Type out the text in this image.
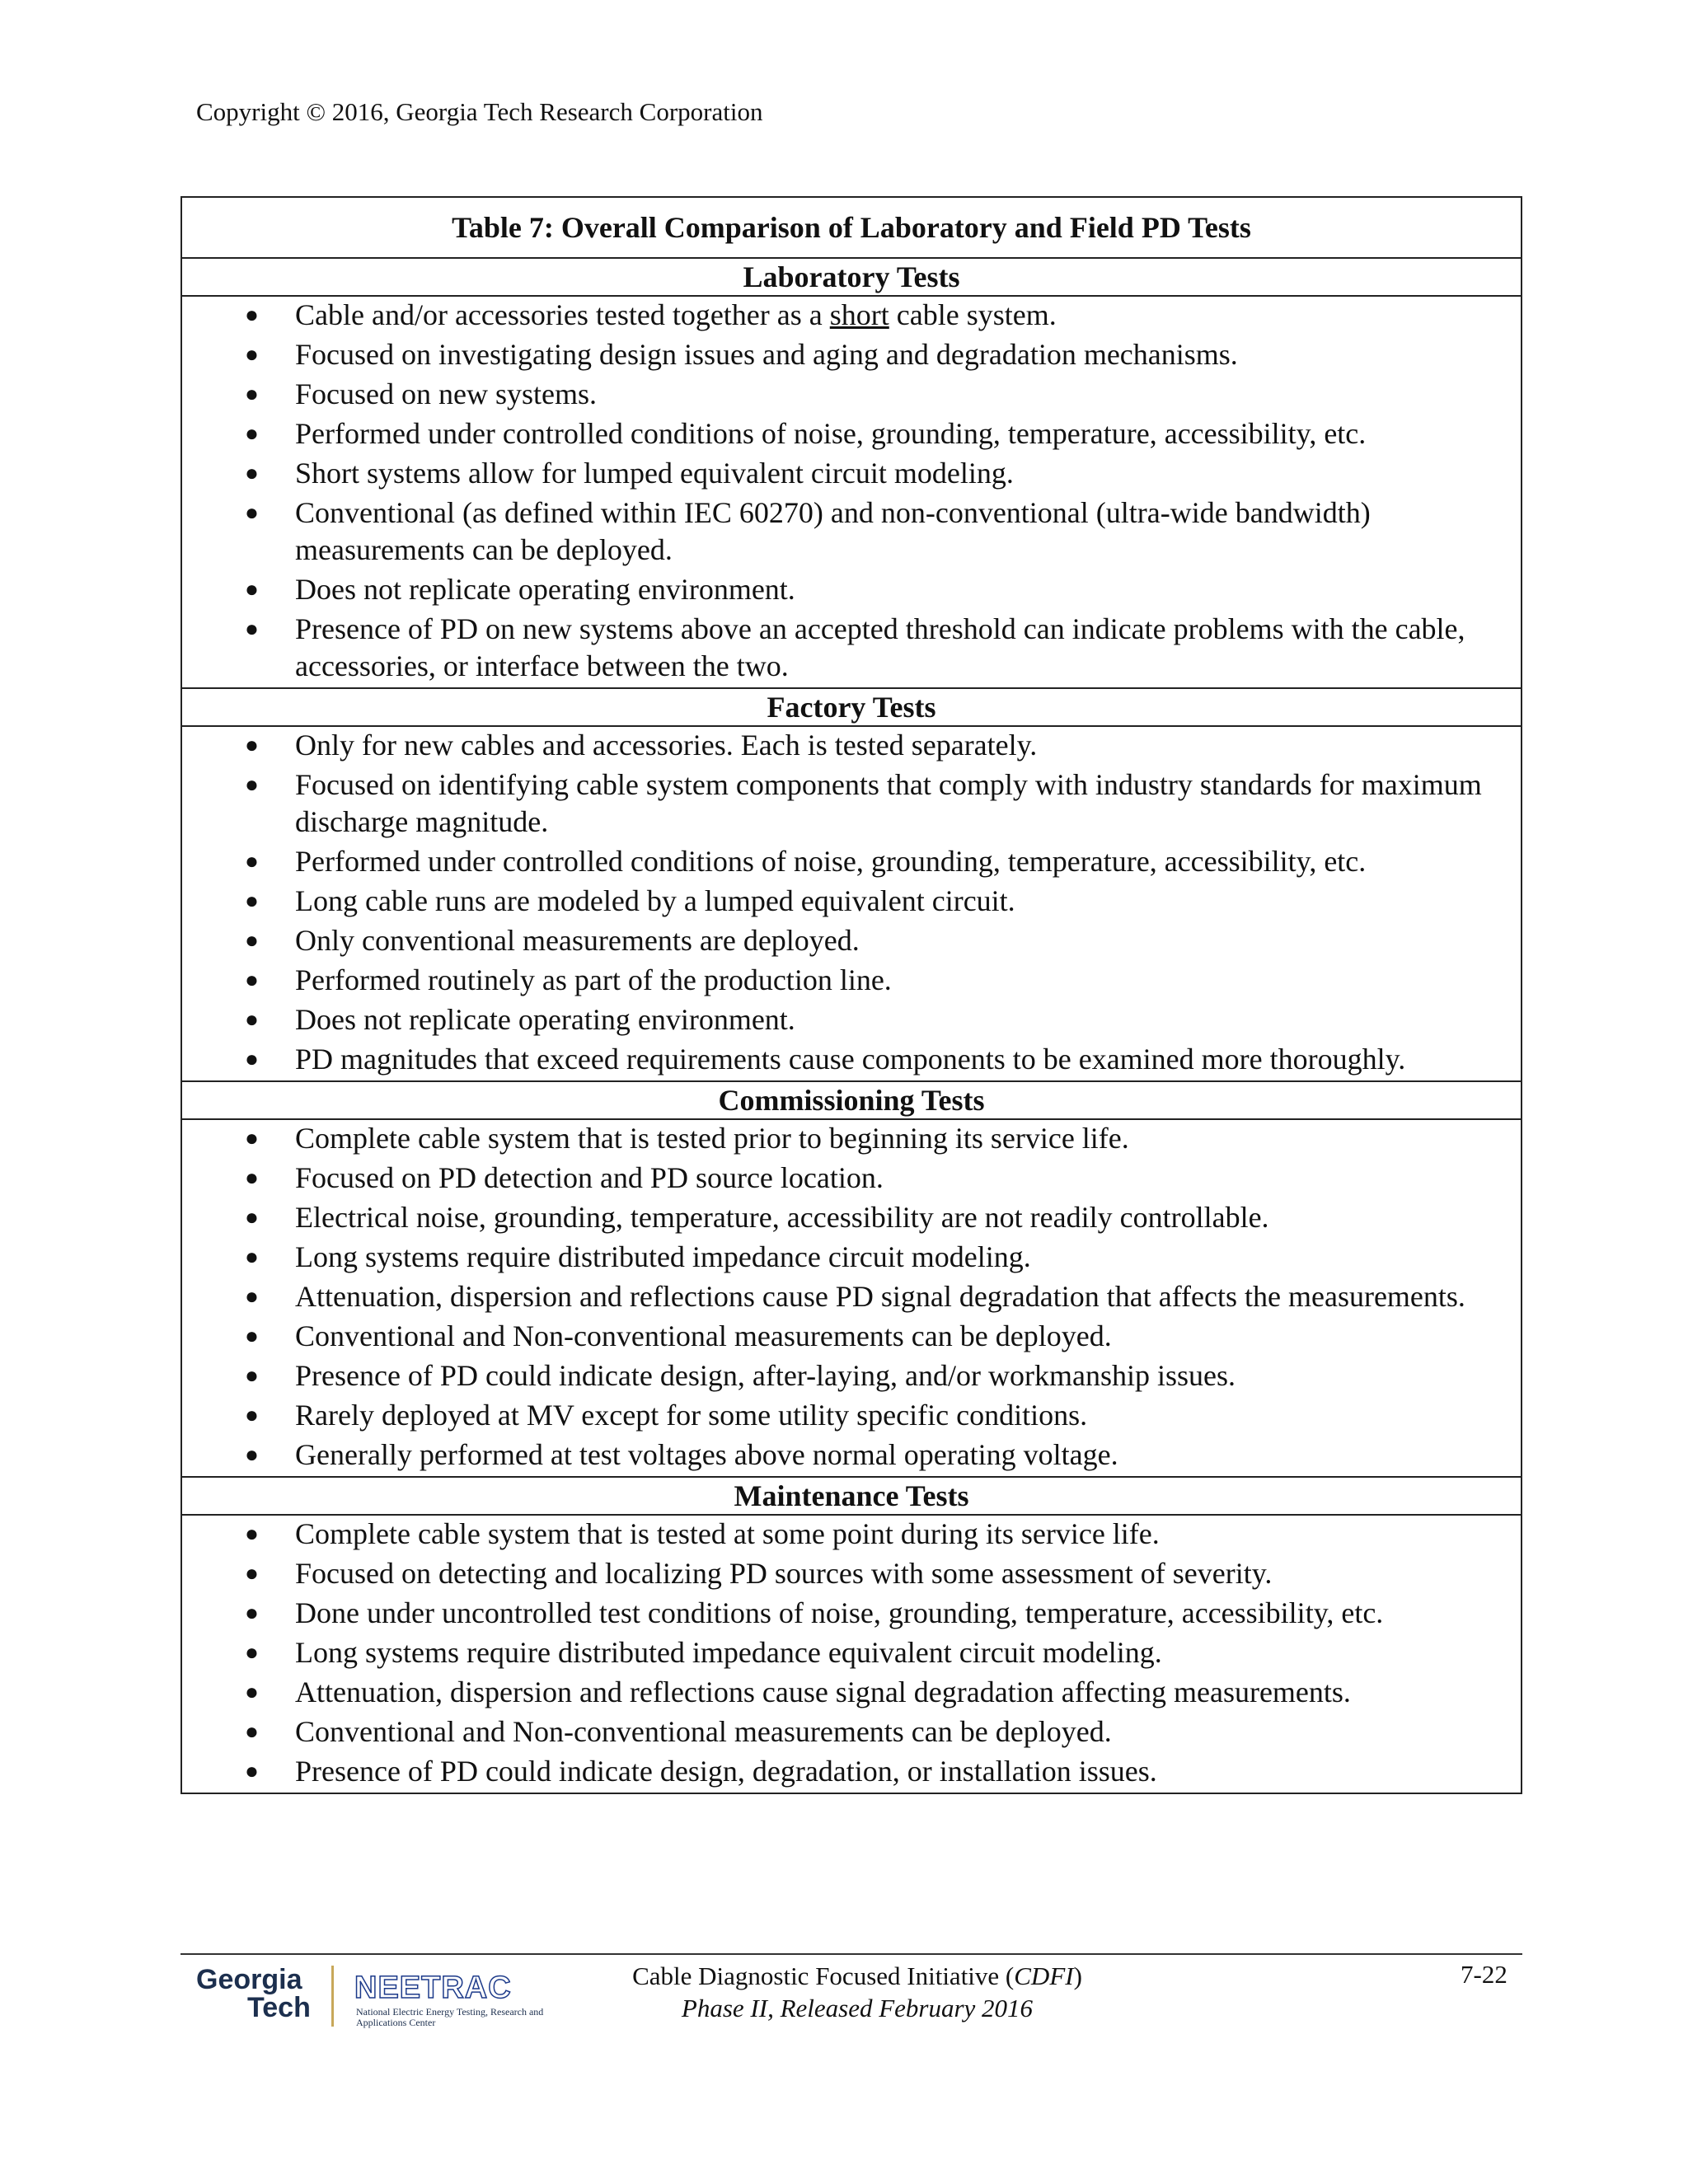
Copyright © 2016, Georgia Tech Research Corporation
Table 7: Overall Comparison of Laboratory and Field PD Tests
Laboratory Tests
● Cable and/or accessories tested together as a short cable system.
● Focused on investigating design issues and aging and degradation mechanisms.
● Focused on new systems.
● Performed under controlled conditions of noise, grounding, temperature, accessibility, etc.
● Short systems allow for lumped equivalent circuit modeling.
● Conventional (as defined within IEC 60270) and non-conventional (ultra-wide bandwidth) measurements can be deployed.
● Does not replicate operating environment.
● Presence of PD on new systems above an accepted threshold can indicate problems with the cable, accessories, or interface between the two.
Factory Tests
● Only for new cables and accessories. Each is tested separately.
● Focused on identifying cable system components that comply with industry standards for maximum discharge magnitude.
● Performed under controlled conditions of noise, grounding, temperature, accessibility, etc.
● Long cable runs are modeled by a lumped equivalent circuit.
● Only conventional measurements are deployed.
● Performed routinely as part of the production line.
● Does not replicate operating environment.
● PD magnitudes that exceed requirements cause components to be examined more thoroughly.
Commissioning Tests
● Complete cable system that is tested prior to beginning its service life.
● Focused on PD detection and PD source location.
● Electrical noise, grounding, temperature, accessibility are not readily controllable.
● Long systems require distributed impedance circuit modeling.
● Attenuation, dispersion and reflections cause PD signal degradation that affects the measurements.
● Conventional and Non-conventional measurements can be deployed.
● Presence of PD could indicate design, after-laying, and/or workmanship issues.
● Rarely deployed at MV except for some utility specific conditions.
● Generally performed at test voltages above normal operating voltage.
Maintenance Tests
● Complete cable system that is tested at some point during its service life.
● Focused on detecting and localizing PD sources with some assessment of severity.
● Done under uncontrolled test conditions of noise, grounding, temperature, accessibility, etc.
● Long systems require distributed impedance equivalent circuit modeling.
● Attenuation, dispersion and reflections cause signal degradation affecting measurements.
● Conventional and Non-conventional measurements can be deployed.
● Presence of PD could indicate design, degradation, or installation issues.
Georgia
Tech
NEETRAC
National Electric Energy Testing, Research and Applications Center
Cable Diagnostic Focused Initiative (CDFI)
Phase II, Released February 2016
7-22
